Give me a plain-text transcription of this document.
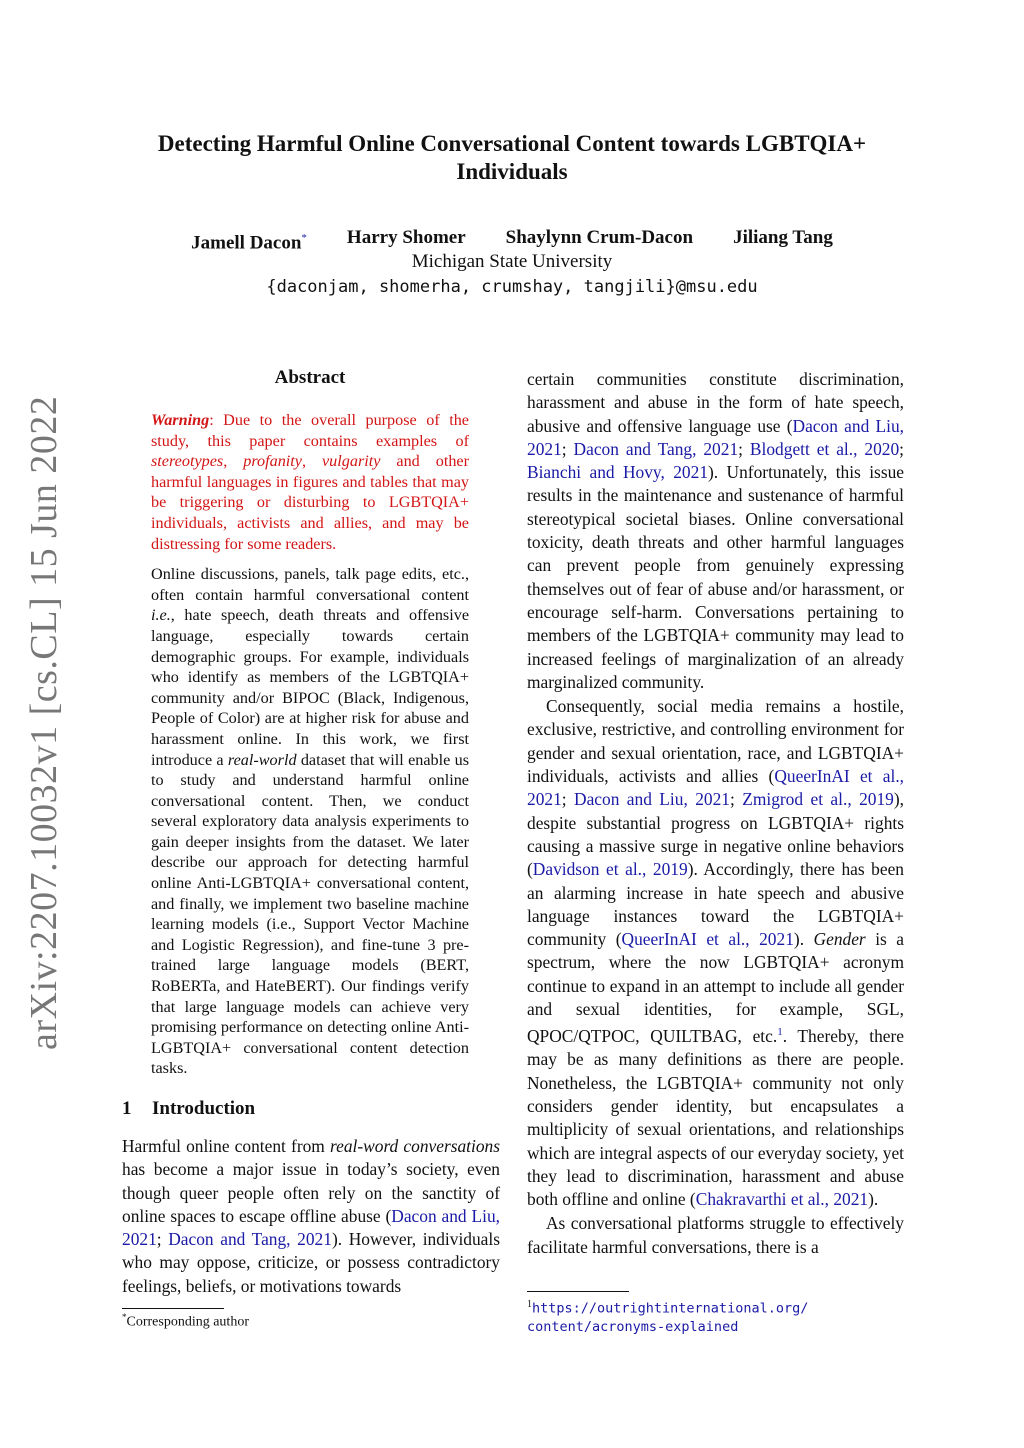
Detecting Harmful Online Conversational Content towards LGBTQIA+ Individuals
Jamell Dacon* Harry Shomer Shaylynn Crum-Dacon Jiliang Tang
Michigan State University
{daconjam, shomerha, crumshay, tangjili}@msu.edu
arXiv:2207.10032v1 [cs.CL] 15 Jun 2022
Abstract
Warning: Due to the overall purpose of the study, this paper contains examples of stereotypes, profanity, vulgarity and other harmful languages in figures and tables that may be triggering or disturbing to LGBTQIA+ individuals, activists and allies, and may be distressing for some readers.
Online discussions, panels, talk page edits, etc., often contain harmful conversational content i.e., hate speech, death threats and offensive language, especially towards certain demographic groups. For example, individuals who identify as members of the LGBTQIA+ community and/or BIPOC (Black, Indigenous, People of Color) are at higher risk for abuse and harassment online. In this work, we first introduce a real-world dataset that will enable us to study and understand harmful online conversational content. Then, we conduct several exploratory data analysis experiments to gain deeper insights from the dataset. We later describe our approach for detecting harmful online Anti-LGBTQIA+ conversational content, and finally, we implement two baseline machine learning models (i.e., Support Vector Machine and Logistic Regression), and fine-tune 3 pre-trained large language models (BERT, RoBERTa, and HateBERT). Our findings verify that large language models can achieve very promising performance on detecting online Anti-LGBTQIA+ conversational content detection tasks.
1 Introduction
Harmful online content from real-word conversations has become a major issue in today’s society, even though queer people often rely on the sanctity of online spaces to escape offline abuse (Dacon and Liu, 2021; Dacon and Tang, 2021). However, individuals who may oppose, criticize, or possess contradictory feelings, beliefs, or motivations towards
*Corresponding author
certain communities constitute discrimination, harassment and abuse in the form of hate speech, abusive and offensive language use (Dacon and Liu, 2021; Dacon and Tang, 2021; Blodgett et al., 2020; Bianchi and Hovy, 2021). Unfortunately, this issue results in the maintenance and sustenance of harmful stereotypical societal biases. Online conversational toxicity, death threats and other harmful languages can prevent people from genuinely expressing themselves out of fear of abuse and/or harassment, or encourage self-harm. Conversations pertaining to members of the LGBTQIA+ community may lead to increased feelings of marginalization of an already marginalized community.
Consequently, social media remains a hostile, exclusive, restrictive, and controlling environment for gender and sexual orientation, race, and LGBTQIA+ individuals, activists and allies (QueerInAI et al., 2021; Dacon and Liu, 2021; Zmigrod et al., 2019), despite substantial progress on LGBTQIA+ rights causing a massive surge in negative online behaviors (Davidson et al., 2019). Accordingly, there has been an alarming increase in hate speech and abusive language instances toward the LGBTQIA+ community (QueerInAI et al., 2021). Gender is a spectrum, where the now LGBTQIA+ acronym continue to expand in an attempt to include all gender and sexual identities, for example, SGL, QPOC/QTPOC, QUILTBAG, etc.$^1$. Thereby, there may be as many definitions as there are people. Nonetheless, the LGBTQIA+ community not only considers gender identity, but encapsulates a multiplicity of sexual orientations, and relationships which are integral aspects of our everyday society, yet they lead to discrimination, harassment and abuse both offline and online (Chakravarthi et al., 2021).
As conversational platforms struggle to effectively facilitate harmful conversations, there is a
$^1$https://outrightinternational.org/
content/acronyms-explained
